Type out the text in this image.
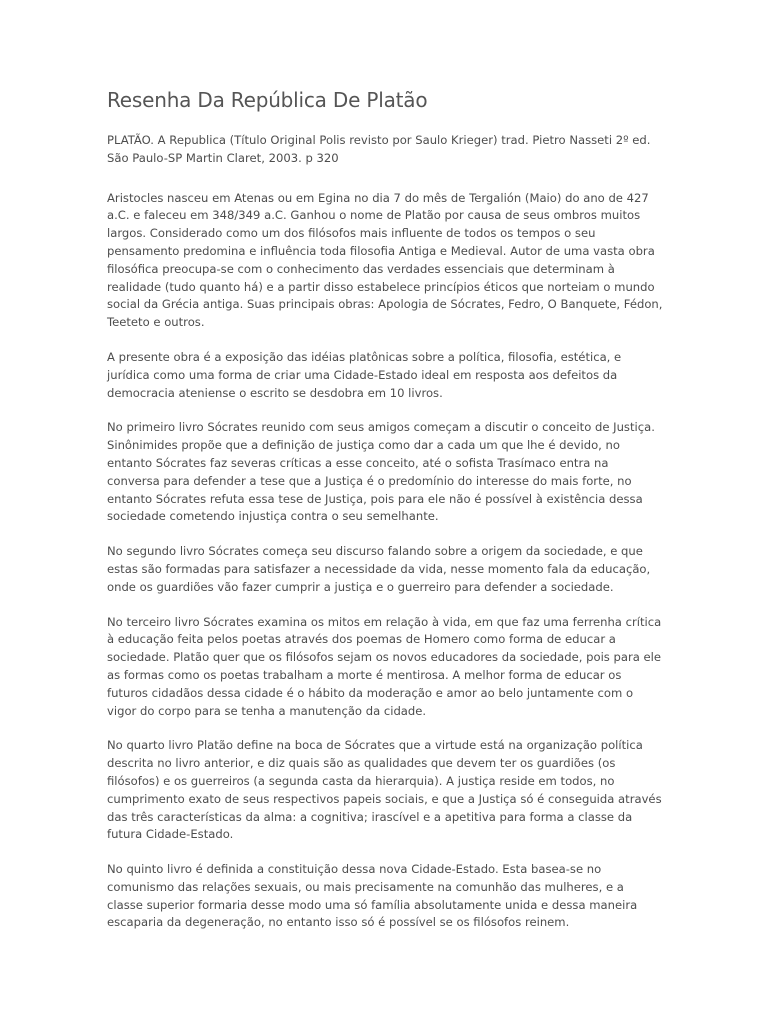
Resenha Da República De Platão

PLATÃO. A Republica (Título Original Polis revisto por Saulo Krieger) trad. Pietro Nasseti 2º ed. São Paulo-SP Martin Claret, 2003. p 320

Aristocles nasceu em Atenas ou em Egina no dia 7 do mês de Tergalión (Maio) do ano de 427 a.C. e faleceu em 348/349 a.C. Ganhou o nome de Platão por causa de seus ombros muitos largos. Considerado como um dos filósofos mais influente de todos os tempos o seu pensamento predomina e influência toda filosofia Antiga e Medieval. Autor de uma vasta obra filosófica preocupa-se com o conhecimento das verdades essenciais que determinam à realidade (tudo quanto há) e a partir disso estabelece princípios éticos que norteiam o mundo social da Grécia antiga. Suas principais obras: Apologia de Sócrates, Fedro, O Banquete, Fédon, Teeteto e outros.

A presente obra é a exposição das idéias platônicas sobre a política, filosofia, estética, e jurídica como uma forma de criar uma Cidade-Estado ideal em resposta aos defeitos da democracia ateniense o escrito se desdobra em 10 livros.

No primeiro livro Sócrates reunido com seus amigos começam a discutir o conceito de Justiça. Sinônimides propõe que a definição de justiça como dar a cada um que lhe é devido, no entanto Sócrates faz severas críticas a esse conceito, até o sofista Trasímaco entra na conversa para defender a tese que a Justiça é o predomínio do interesse do mais forte, no entanto Sócrates refuta essa tese de Justiça, pois para ele não é possível à existência dessa sociedade cometendo injustiça contra o seu semelhante.

No segundo livro Sócrates começa seu discurso falando sobre a origem da sociedade, e que estas são formadas para satisfazer a necessidade da vida, nesse momento fala da educação, onde os guardiões vão fazer cumprir a justiça e o guerreiro para defender a sociedade.

No terceiro livro Sócrates examina os mitos em relação à vida, em que faz uma ferrenha crítica à educação feita pelos poetas através dos poemas de Homero como forma de educar a sociedade. Platão quer que os filósofos sejam os novos educadores da sociedade, pois para ele as formas como os poetas trabalham a morte é mentirosa. A melhor forma de educar os futuros cidadãos dessa cidade é o hábito da moderação e amor ao belo juntamente com o vigor do corpo para se tenha a manutenção da cidade.

No quarto livro Platão define na boca de Sócrates que a virtude está na organização política descrita no livro anterior, e diz quais são as qualidades que devem ter os guardiões (os filósofos) e os guerreiros (a segunda casta da hierarquia). A justiça reside em todos, no cumprimento exato de seus respectivos papeis sociais, e que a Justiça só é conseguida através das três características da alma: a cognitiva; irascível e a apetitiva para forma a classe da futura Cidade-Estado.

No quinto livro é definida a constituição dessa nova Cidade-Estado. Esta basea-se no comunismo das relações sexuais, ou mais precisamente na comunhão das mulheres, e a classe superior formaria desse modo uma só família absolutamente unida e dessa maneira escaparia da degeneração, no entanto isso só é possível se os filósofos reinem.
